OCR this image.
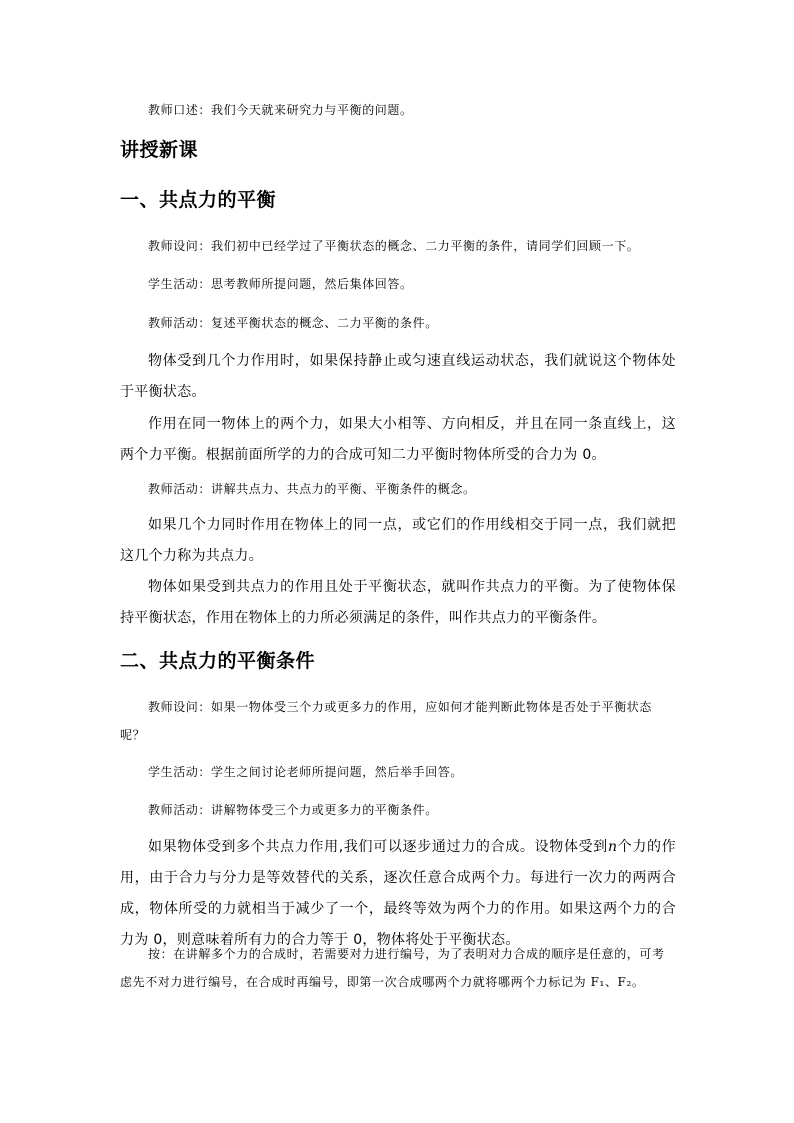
教师口述：我们今天就来研究力与平衡的问题。

讲授新课

一、共点力的平衡

教师设问：我们初中已经学过了平衡状态的概念、二力平衡的条件，请同学们回顾一下。

学生活动：思考教师所提问题，然后集体回答。

教师活动：复述平衡状态的概念、二力平衡的条件。

物体受到几个力作用时，如果保持静止或匀速直线运动状态，我们就说这个物体处于平衡状态。

作用在同一物体上的两个力，如果大小相等、方向相反，并且在同一条直线上，这两个力平衡。根据前面所学的力的合成可知二力平衡时物体所受的合力为 0。

教师活动：讲解共点力、共点力的平衡、平衡条件的概念。

如果几个力同时作用在物体上的同一点，或它们的作用线相交于同一点，我们就把这几个力称为共点力。

物体如果受到共点力的作用且处于平衡状态，就叫作共点力的平衡。为了使物体保持平衡状态，作用在物体上的力所必须满足的条件，叫作共点力的平衡条件。

二、共点力的平衡条件

教师设问：如果一物体受三个力或更多力的作用，应如何才能判断此物体是否处于平衡状态呢？

学生活动：学生之间讨论老师所提问题，然后举手回答。

教师活动：讲解物体受三个力或更多力的平衡条件。

如果物体受到多个共点力作用,我们可以逐步通过力的合成。设物体受到n个力的作用，由于合力与分力是等效替代的关系，逐次任意合成两个力。每进行一次力的两两合成，物体所受的力就相当于减少了一个，最终等效为两个力的作用。如果这两个力的合力为 0，则意味着所有力的合力等于 0，物体将处于平衡状态。

按：在讲解多个力的合成时，若需要对力进行编号，为了表明对力合成的顺序是任意的，可考虑先不对力进行编号，在合成时再编号，即第一次合成哪两个力就将哪两个力标记为 F₁、F₂。
